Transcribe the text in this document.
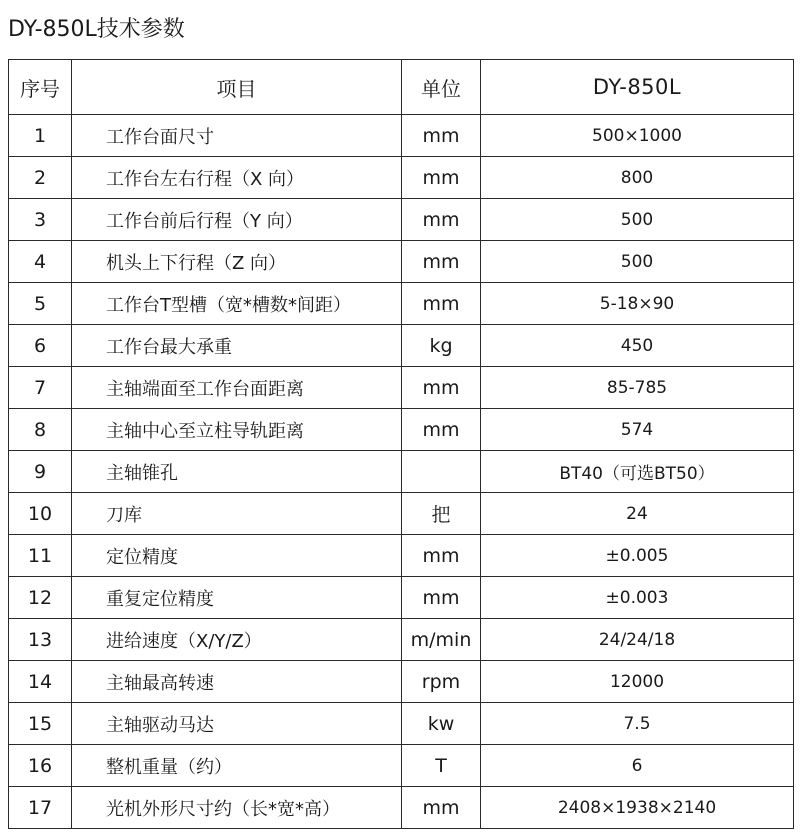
DY-850L技术参数
序号	项目	单位	DY-850L
1	工作台面尺寸	mm	500×1000
2	工作台左右行程（X 向）	mm	800
3	工作台前后行程（Y 向）	mm	500
4	机头上下行程（Z 向）	mm	500
5	工作台T型槽（宽*槽数*间距）	mm	5-18×90
6	工作台最大承重	kg	450
7	主轴端面至工作台面距离	mm	85-785
8	主轴中心至立柱导轨距离	mm	574
9	主轴锥孔		BT40（可选BT50）
10	刀库	把	24
11	定位精度	mm	±0.005
12	重复定位精度	mm	±0.003
13	进给速度（X/Y/Z）	m/min	24/24/18
14	主轴最高转速	rpm	12000
15	主轴驱动马达	kw	7.5
16	整机重量（约）	T	6
17	光机外形尺寸约（长*宽*高）	mm	2408×1938×2140
